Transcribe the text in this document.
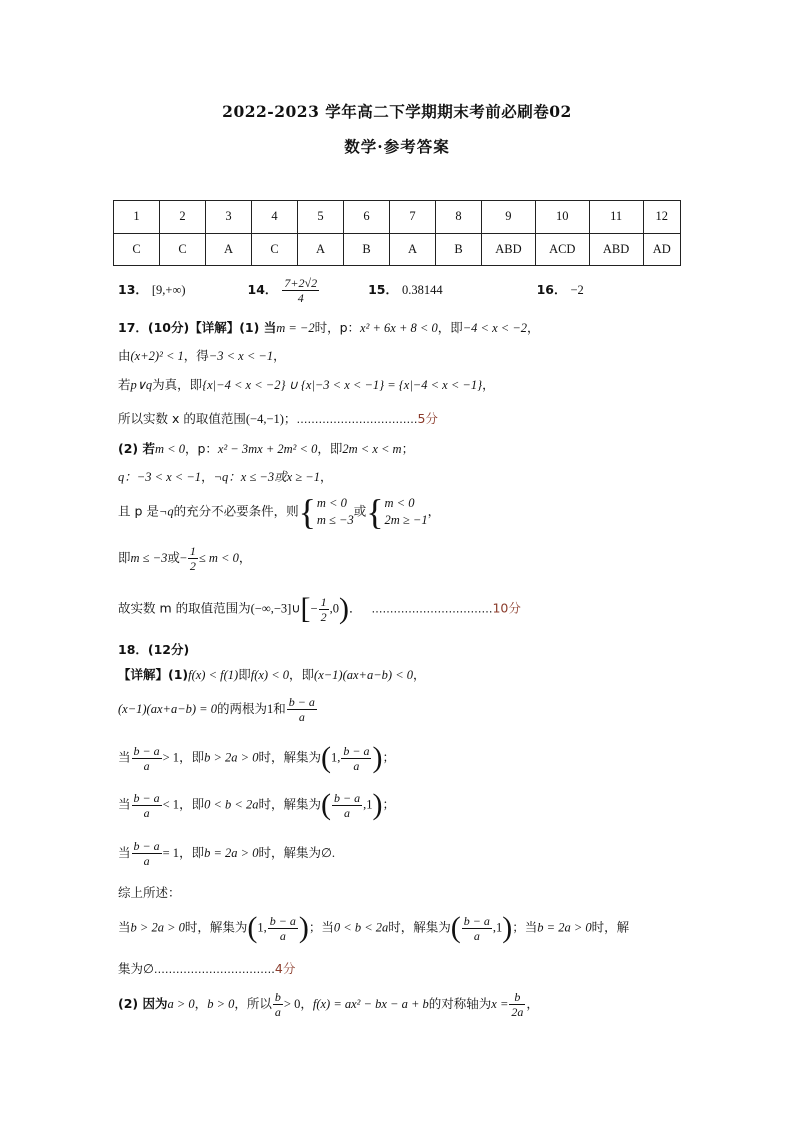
2022-2023 学年高二下学期期末考前必刷卷02
数学·参考答案
1	2	3	4	5	6	7	8	9	10	11	12
C	C	A	C	A	B	A	B	ABD	ACD	ABD	AD
13． [9,+∞)	14． $\frac{7+2√2}{4}$	15． 0.38144	16． −2
17．(10分)【详解】(1) 当m = −2时，p：x² + 6x + 8 < 0，即−4 < x < −2，
由(x+2)² < 1，得−3 < x < −1，
若p∨q为真，即{x|−4 < x < −2} ∪ {x|−3 < x < −1} = {x|−4 < x < −1}，
所以实数 x 的取值范围(−4,−1)；……………………………5分
(2) 若m < 0，p：x² − 3mx + 2m² < 0，即2m < x < m；
q：−3 < x < −1，¬q：x ≤ −3或x ≥ −1，
且 p 是¬q的充分不必要条件，则{ m < 0
m ≤ −3
或{ m < 0
2m ≥ −1
，
即m ≤ −3或− $\frac{1}{2} \le m < 0$，
故实数 m 的取值范围为(−∞,−3]∪[− $\frac{1}{2} ,0$)． ……………………………10分
18．(12分)
【详解】(1)f(x) < f(1)即f(x) < 0，即(x−1)(ax+a−b) < 0，
(x−1)(ax+a−b) = 0的两根为1和 $\frac{b - a}{a}$
当 $\frac{b - a}{a} > 1$，即b > 2a > 0时，解集为(1, $\frac{b - a}{a}$ )；
当 $\frac{b - a}{a} < 1$，即0 < b < 2a时，解集为( $\frac{b - a}{a} ,1$)；
当 $\frac{b - a}{a} = 1$，即b = 2a > 0时，解集为∅.
综上所述：
当b > 2a > 0时，解集为(1, $\frac{b - a}{a}$ )；当0 < b < 2a时，解集为( $\frac{b - a}{a} ,1$)；当b = 2a > 0时，解
集为∅……………………………4分
(2) 因为a > 0，b > 0，所以 $\frac{b}{a} > 0$，f(x) = ax² − bx − a + b的对称轴为$x = \frac{b}{2a}$ ，
